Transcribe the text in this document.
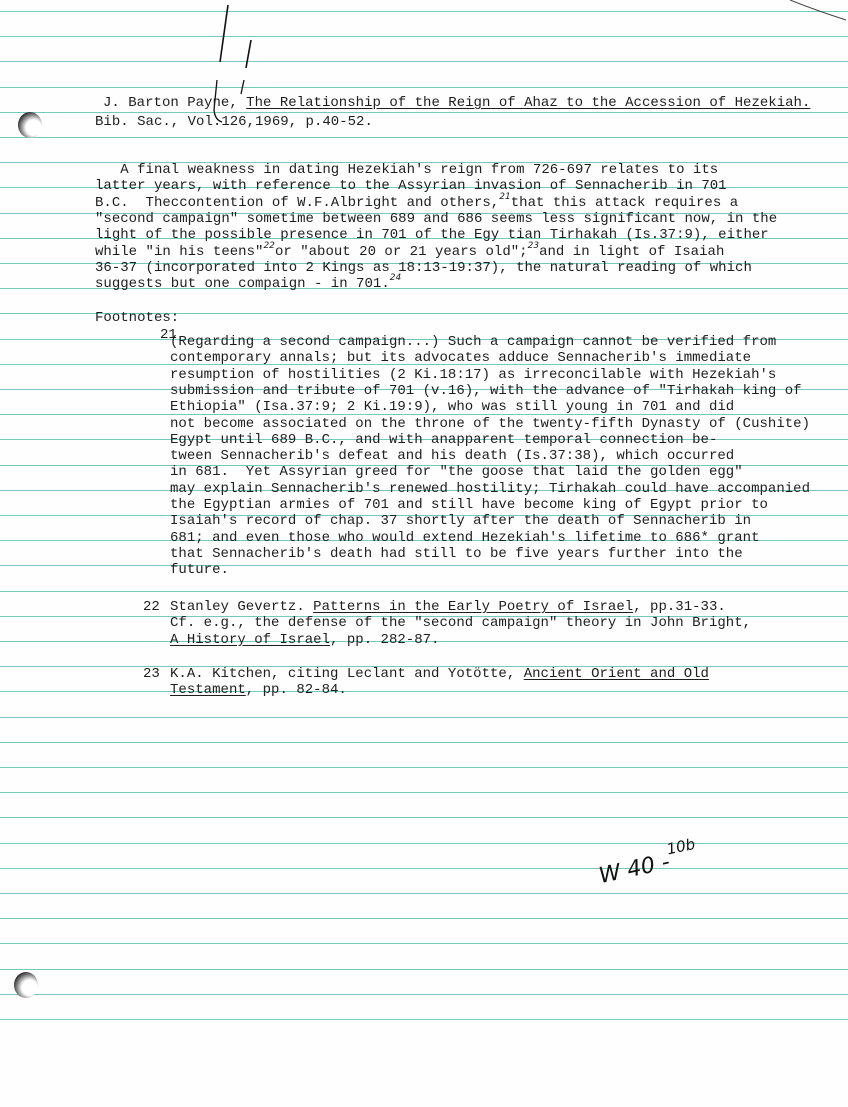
J. Barton Payne, The Relationship of the Reign of Ahaz to the Accession of Hezekiah.
Bib. Sac., Vol.126,1969, p.40-52.
A final weakness in dating Hezekiah's reign from 726-697 relates to its
latter years, with reference to the Assyrian invasion of Sennacherib in 701
B.C.  Theccontention of W.F.Albright and others,$^{21}$that this attack requires a
"second campaign" sometime between 689 and 686 seems less significant now, in the
light of the possible presence in 701 of the Egy tian Tirhakah (Is.37:9), either
while "in his teens"$^{22}$or "about 20 or 21 years old";$^{23}$and in light of Isaiah
36-37 (incorporated into 2 Kings as 18:13-19:37), the natural reading of which
suggests but one compaign - in 701.24
Footnotes:
21
(Regarding a second campaign...) Such a campaign cannot be verified from
contemporary annals; but its advocates adduce Sennacherib's immediate
resumption of hostilities (2 Ki.18:17) as irreconcilable with Hezekiah's
submission and tribute of 701 (v.16), with the advance of "Tirhakah king of
Ethiopia" (Isa.37:9; 2 Ki.19:9), who was still young in 701 and did
not become associated on the throne of the twenty-fifth Dynasty of (Cushite)
Egypt until 689 B.C., and with anapparent temporal connection be-
tween Sennacherib's defeat and his death (Is.37:38), which occurred
in 681.  Yet Assyrian greed for "the goose that laid the golden egg"
may explain Sennacherib's renewed hostility; Tirhakah could have accompanied
the Egyptian armies of 701 and still have become king of Egypt prior to
Isaiah's record of chap. 37 shortly after the death of Sennacherib in
681; and even those who would extend Hezekiah's lifetime to 686* grant
that Sennacherib's death had still to be five years further into the
future.
22 Stanley Gevertz. Patterns in the Early Poetry of Israel, pp.31-33.
Cf. e.g., the defense of the "second campaign" theory in John Bright,
A History of Israel, pp. 282-87.
23 K.A. Kitchen, citing Leclant and Yotötte, Ancient Orient and Old
Testament, pp. 82-84.
W 40 -$^{10b}$
